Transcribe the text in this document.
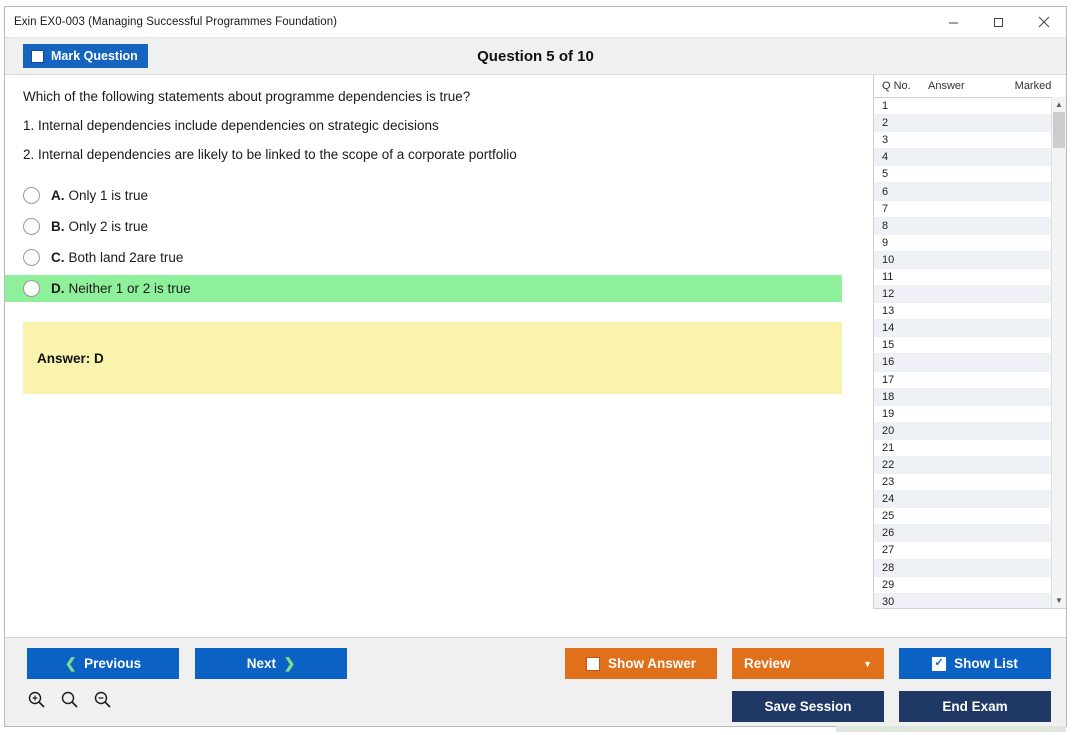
Exin EX0-003 (Managing Successful Programmes Foundation)
Mark Question	Question 5 of 10
Which of the following statements about programme dependencies is true?
1. Internal dependencies include dependencies on strategic decisions
2. Internal dependencies are likely to be linked to the scope of a corporate portfolio
A. Only 1 is true
B. Only 2 is true
C. Both land 2are true
D. Neither 1 or 2 is true
Answer: D
Q No.	Answer	Marked
1
2
3
4
5
6
7
8
9
10
11
12
13
14
15
16
17
18
19
20
21
22
23
24
25
26
27
28
29
30
▲
▼
❮
Previous	Next
❯	Show Answer	Review	▼	✓ Show List
Save Session	End Exam
